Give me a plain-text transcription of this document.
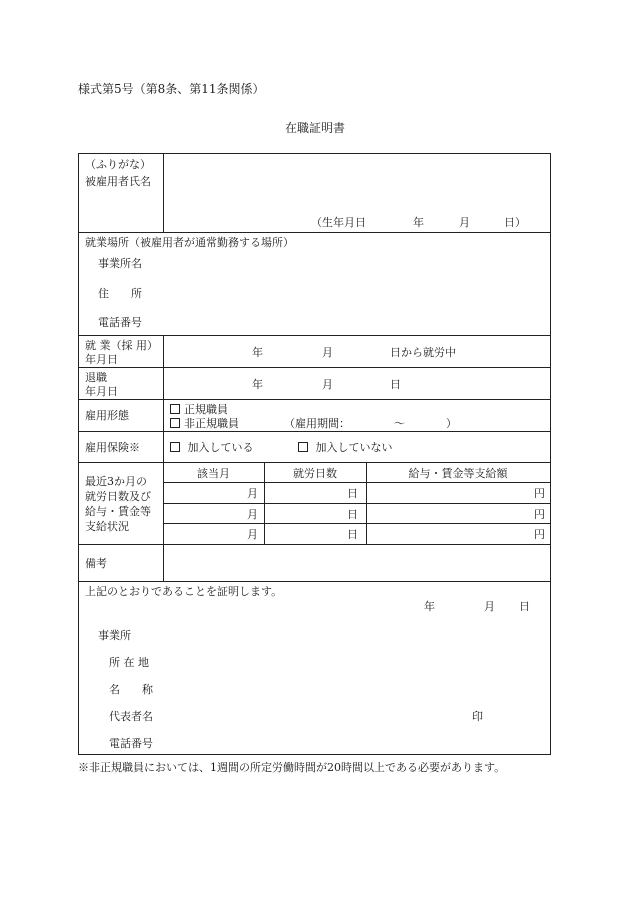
様式第5号（第8条、第11条関係）
在職証明書
（ふりがな）
被雇用者氏名
（生年月日	年	月	日）
就業場所（被雇用者が通常勤務する場所）
事業所名
住　　所
電話番号
就 業（採 用）
年月日
年	月	日から就労中
退職
年月日
年	月	日
雇用形態	正規職員
非正規職員	（雇用期間：	～	）
雇用保険※	加入している	加入していない
最近3か月の
就労日数及び
給与・賃金等
支給状況
該当月	就労日数	給与・賃金等支給額
月	日	円
月	日	円
月	日	円
備考
上記のとおりであることを証明します。
年	月 日
事業所
所 在 地
名　　称
代表者名	印
電話番号
※非正規職員においては、1週間の所定労働時間が20時間以上である必要があります。
